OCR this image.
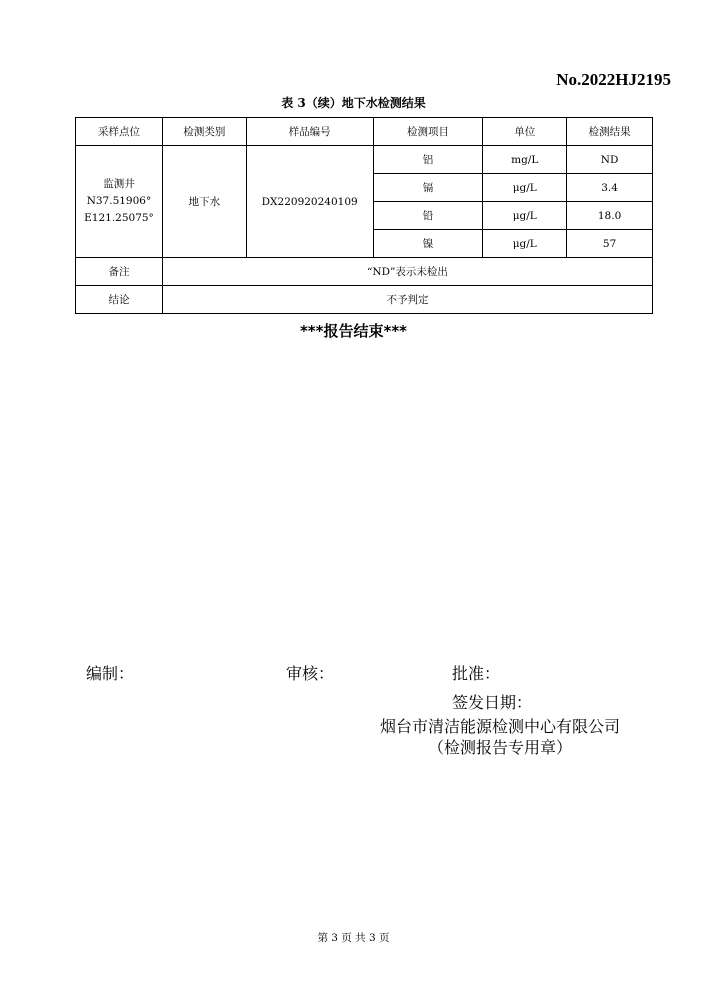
No.2022HJ2195
表 3（续）地下水检测结果
采样点位	检测类别	样品编号	检测项目	单位	检测结果

监测井
N37.51906°
E121.25075°	地下水	DX220920240109	铝	mg/L	ND
			镉	μg/L	3.4
			铅	μg/L	18.0
			镍	μg/L	57
备注	“ND”表示未检出				
结论	不予判定				
***报告结束***
编制：	审核：	批准：
签发日期：
烟台市清洁能源检测中心有限公司
（检测报告专用章）
第 3 页 共 3 页
